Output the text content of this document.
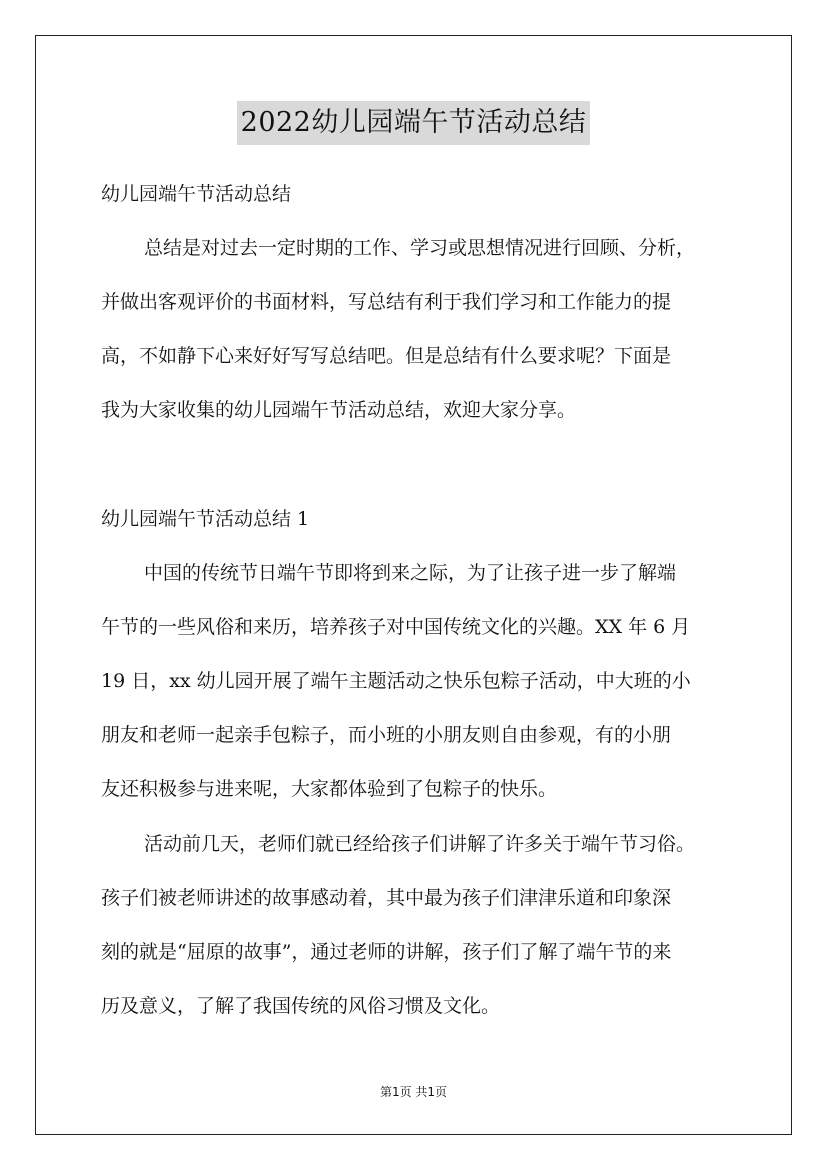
2022幼儿园端午节活动总结
幼儿园端午节活动总结
总结是对过去一定时期的工作、学习或思想情况进行回顾、分析，
并做出客观评价的书面材料，写总结有利于我们学习和工作能力的提
高，不如静下心来好好写写总结吧。但是总结有什么要求呢？下面是
我为大家收集的幼儿园端午节活动总结，欢迎大家分享。
幼儿园端午节活动总结 1
中国的传统节日端午节即将到来之际，为了让孩子进一步了解端
午节的一些风俗和来历，培养孩子对中国传统文化的兴趣。XX 年 6 月
19 日，xx 幼儿园开展了端午主题活动之快乐包粽子活动，中大班的小
朋友和老师一起亲手包粽子，而小班的小朋友则自由参观，有的小朋
友还积极参与进来呢，大家都体验到了包粽子的快乐。
活动前几天，老师们就已经给孩子们讲解了许多关于端午节习俗。
孩子们被老师讲述的故事感动着，其中最为孩子们津津乐道和印象深
刻的就是“屈原的故事”，通过老师的讲解，孩子们了解了端午节的来
历及意义，了解了我国传统的风俗习惯及文化。
第1页 共1页
